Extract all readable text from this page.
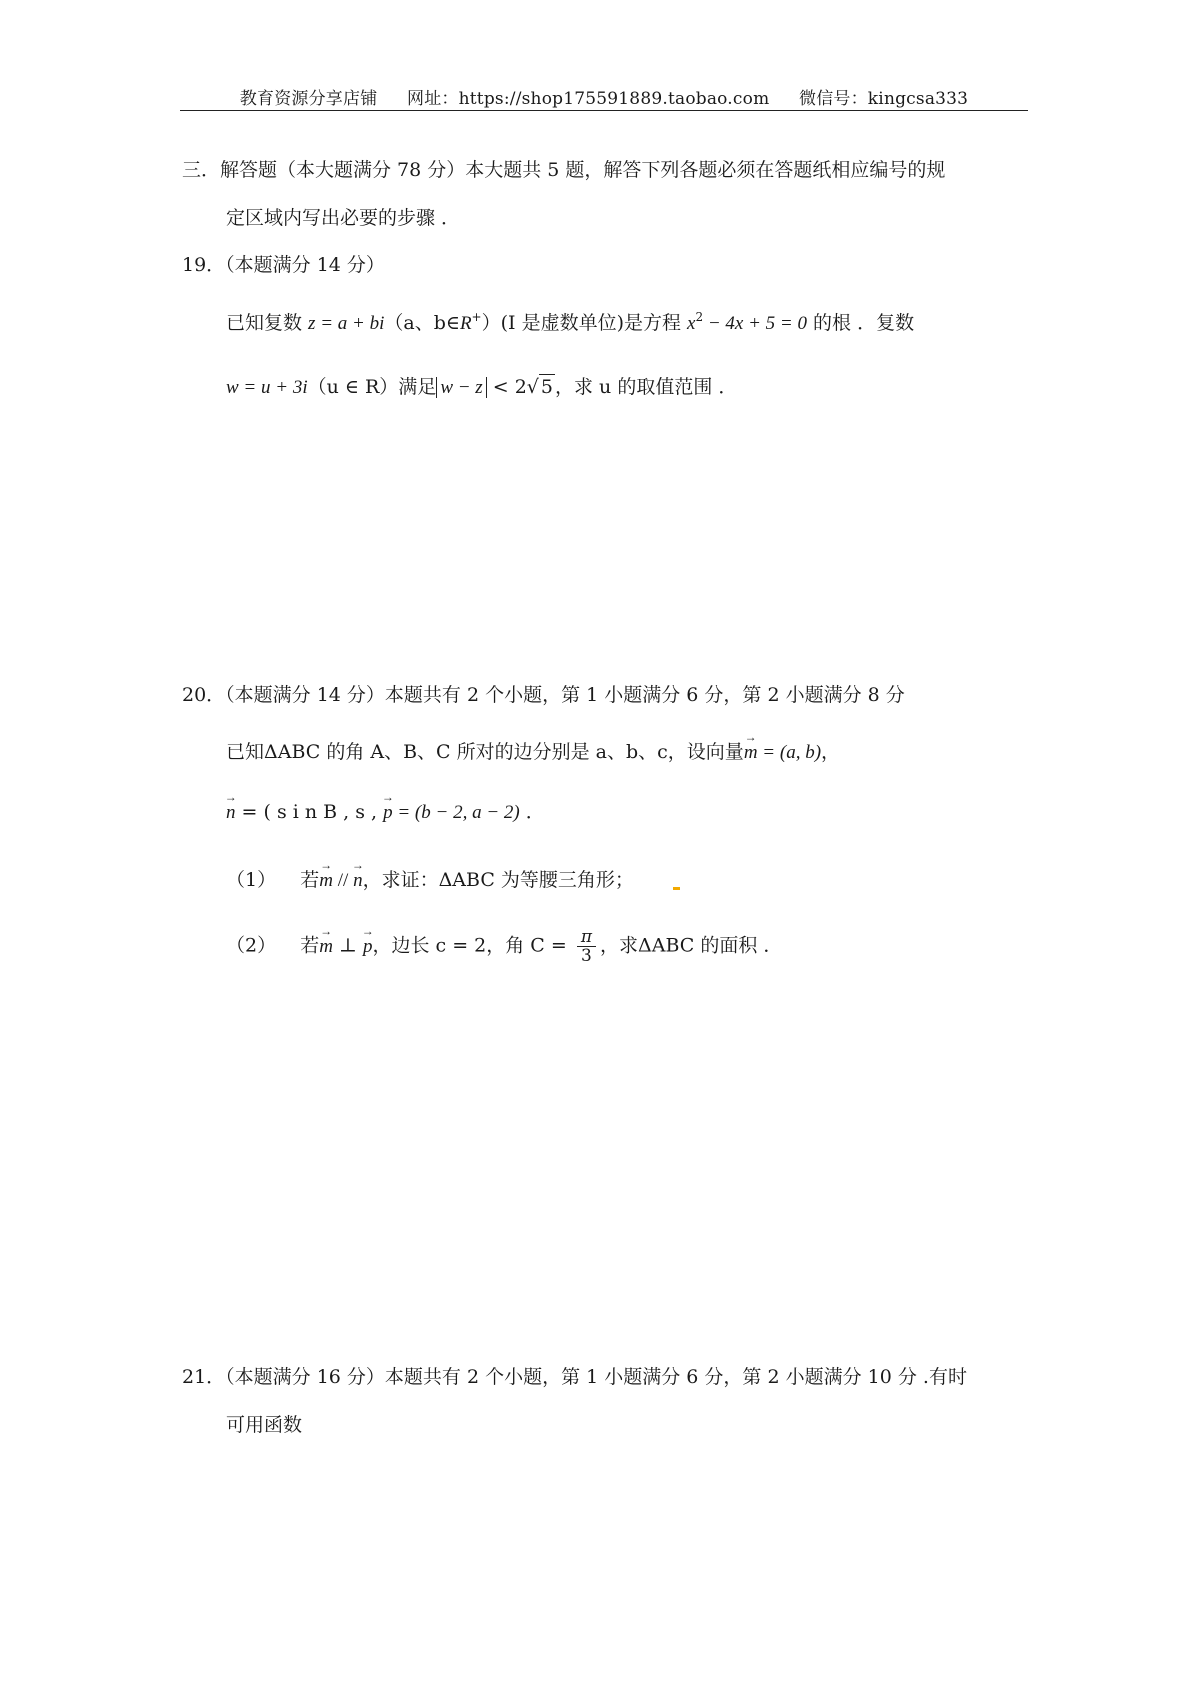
教育资源分享店铺 网址：https://shop175591889.taobao.com 微信号：kingcsa333
三．解答题（本大题满分 78 分）本大题共 5 题，解答下列各题必须在答题纸相应编号的规
定区域内写出必要的步骤 ．
19．（本题满分 14 分）
已知复数 z = a + bi（a、b∈R+）(I 是虚数单位)是方程 $x^2 - 4x + 5 = 0$ 的根 ．复数
w = u + 3i（u ∈ R）满足 w − z < 2 √ 5 ，求 u 的取值范围 ．
20．（本题满分 14 分）本题共有 2 个小题，第 1 小题满分 6 分，第 2 小题满分 8 分
已知ΔABC 的角 A、B、C 所对的边分别是 a、b、c，设向量→ m = (a, b)，
→ n = ( s i n B , s , → p = (b − 2, a − 2) ．
（1） 若→ m // → n，求证：ΔABC 为等腰三角形；
（2） 若→ m ⊥ → p，边长 c = 2，角 $C = \frac{\pi}{3}$ ，求ΔABC 的面积 ．
21．（本题满分 16 分）本题共有 2 个小题，第 1 小题满分 6 分，第 2 小题满分 10 分 .有时
可用函数
